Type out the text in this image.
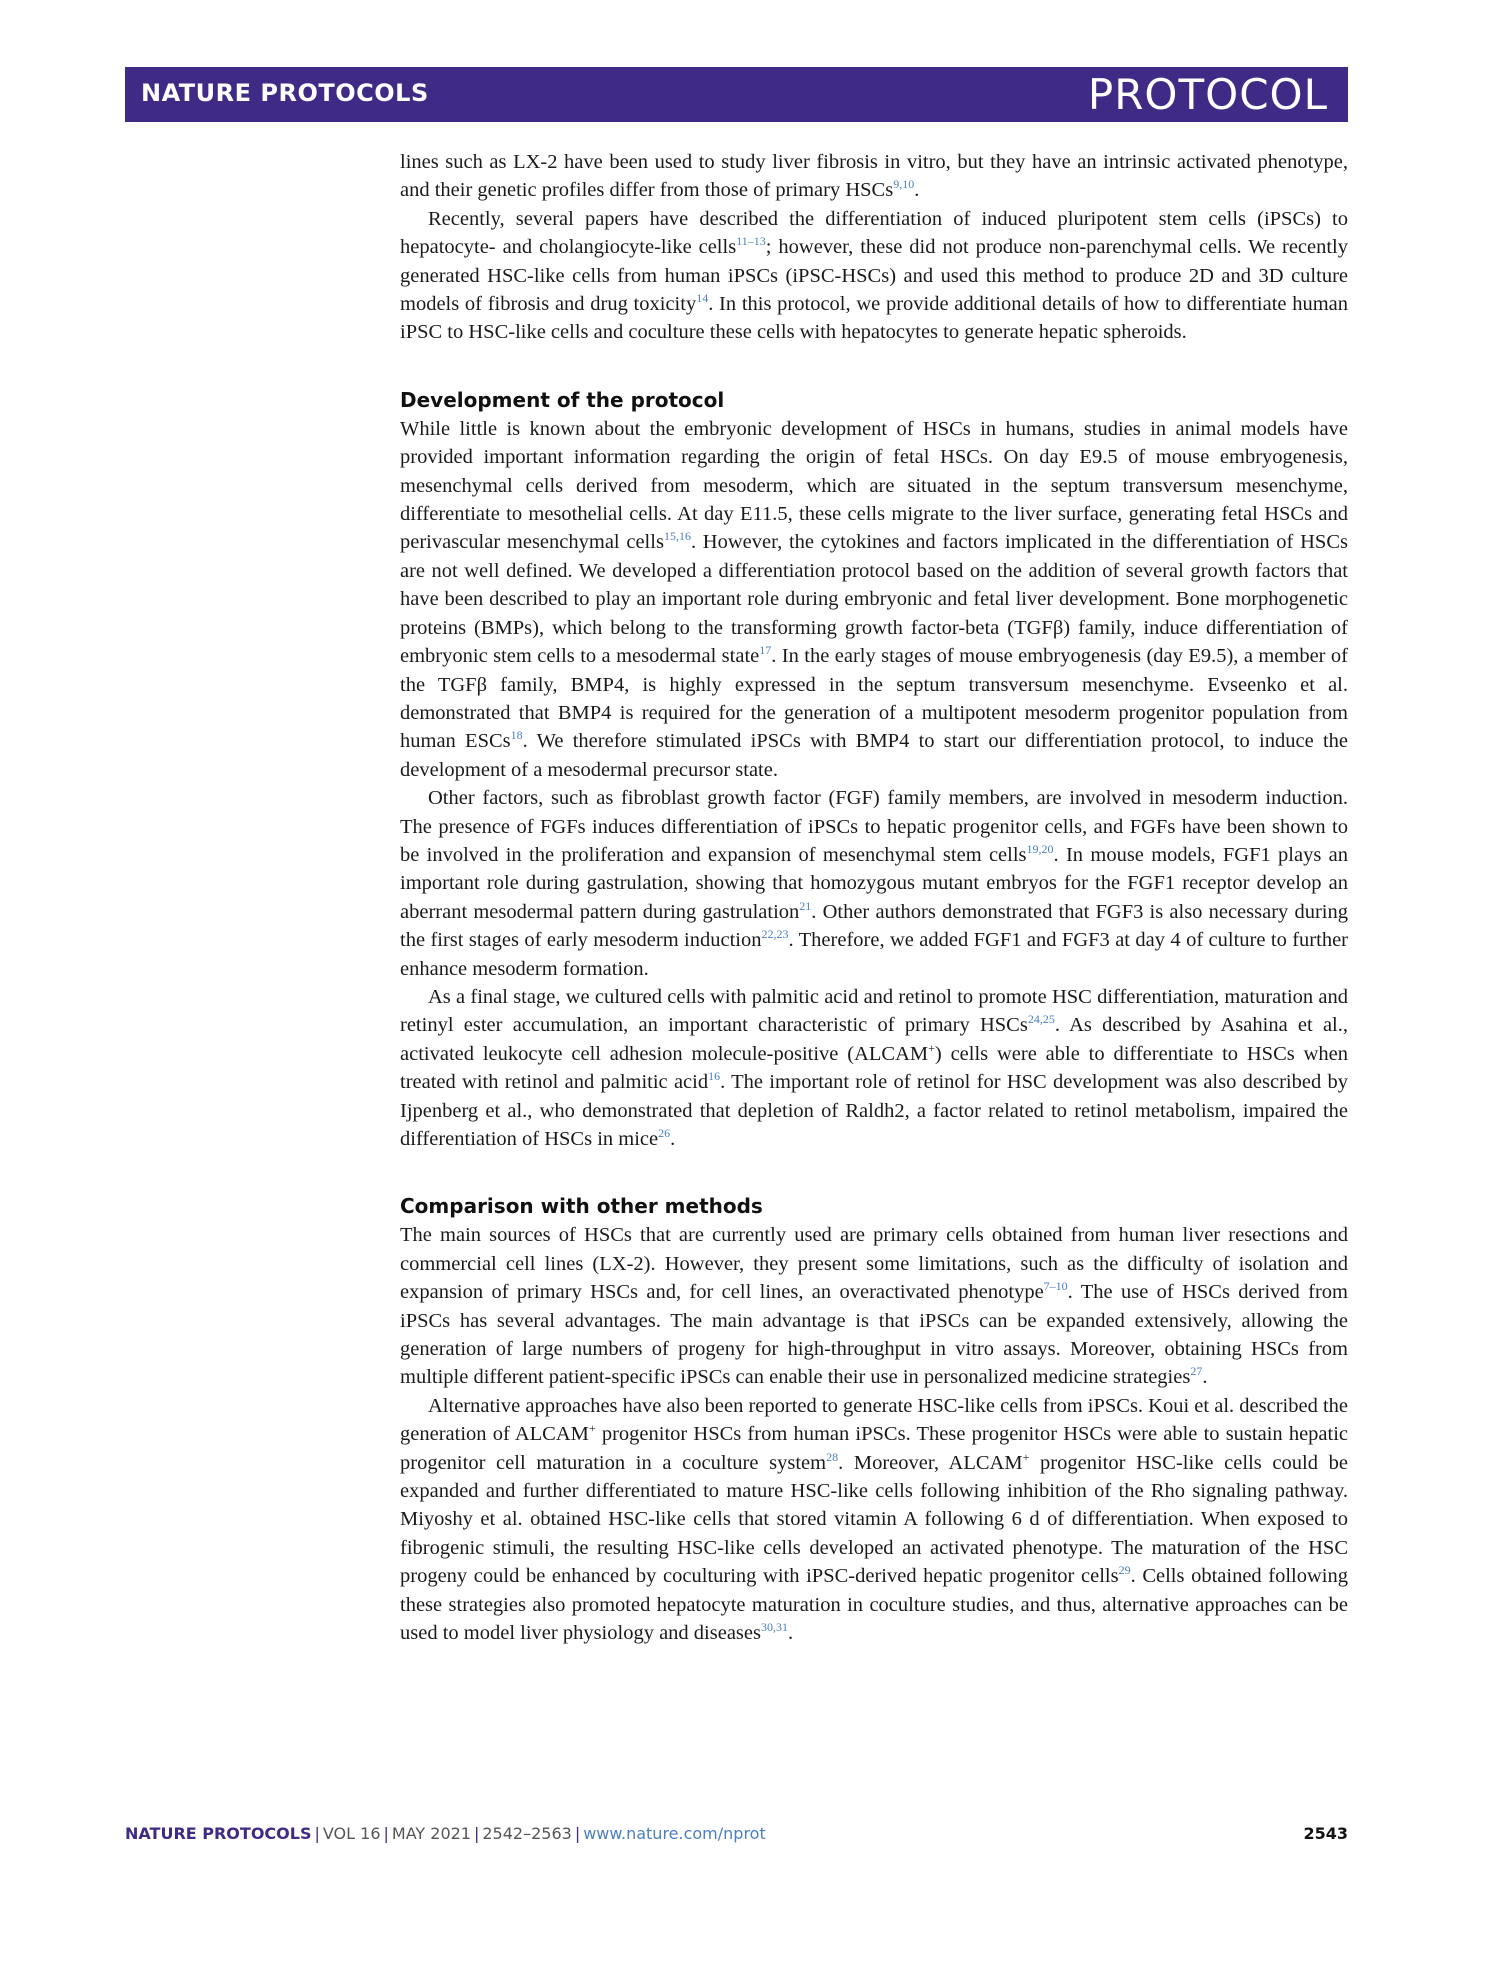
NATURE PROTOCOLS	PROTOCOL

lines such as LX-2 have been used to study liver fibrosis in vitro, but they have an intrinsic activated phenotype, and their genetic profiles differ from those of primary HSCs$^{9,10}$.

Recently, several papers have described the differentiation of induced pluripotent stem cells (iPSCs) to hepatocyte- and cholangiocyte-like cells$^{11-13}$; however, these did not produce non-parenchymal cells. We recently generated HSC-like cells from human iPSCs (iPSC-HSCs) and used this method to produce 2D and 3D culture models of fibrosis and drug toxicity$^{14}$. In this protocol, we provide additional details of how to differentiate human iPSC to HSC-like cells and coculture these cells with hepatocytes to generate hepatic spheroids.

Development of the protocol

While little is known about the embryonic development of HSCs in humans, studies in animal models have provided important information regarding the origin of fetal HSCs. On day E9.5 of mouse embryogenesis, mesenchymal cells derived from mesoderm, which are situated in the septum transversum mesenchyme, differentiate to mesothelial cells. At day E11.5, these cells migrate to the liver surface, generating fetal HSCs and perivascular mesenchymal cells$^{15,16}$. However, the cytokines and factors implicated in the differentiation of HSCs are not well defined. We developed a differentiation protocol based on the addition of several growth factors that have been described to play an important role during embryonic and fetal liver development. Bone morphogenetic proteins (BMPs), which belong to the transforming growth factor-beta (TGFβ) family, induce differentiation of embryonic stem cells to a mesodermal state$^{17}$. In the early stages of mouse embryogenesis (day E9.5), a member of the TGFβ family, BMP4, is highly expressed in the septum transversum mesenchyme. Evseenko et al. demonstrated that BMP4 is required for the generation of a multipotent mesoderm progenitor population from human ESCs$^{18}$. We therefore stimulated iPSCs with BMP4 to start our differentiation protocol, to induce the development of a mesodermal precursor state.

Other factors, such as fibroblast growth factor (FGF) family members, are involved in mesoderm induction. The presence of FGFs induces differentiation of iPSCs to hepatic progenitor cells, and FGFs have been shown to be involved in the proliferation and expansion of mesenchymal stem cells$^{19,20}$. In mouse models, FGF1 plays an important role during gastrulation, showing that homozygous mutant embryos for the FGF1 receptor develop an aberrant mesodermal pattern during gastrulation$^{21}$. Other authors demonstrated that FGF3 is also necessary during the first stages of early mesoderm induction$^{22,23}$. Therefore, we added FGF1 and FGF3 at day 4 of culture to further enhance mesoderm formation.

As a final stage, we cultured cells with palmitic acid and retinol to promote HSC differentiation, maturation and retinyl ester accumulation, an important characteristic of primary HSCs$^{24,25}$. As described by Asahina et al., activated leukocyte cell adhesion molecule-positive (ALCAM+) cells were able to differentiate to HSCs when treated with retinol and palmitic acid$^{16}$. The important role of retinol for HSC development was also described by Ijpenberg et al., who demonstrated that depletion of Raldh2, a factor related to retinol metabolism, impaired the differentiation of HSCs in mice$^{26}$.

Comparison with other methods

The main sources of HSCs that are currently used are primary cells obtained from human liver resections and commercial cell lines (LX-2). However, they present some limitations, such as the difficulty of isolation and expansion of primary HSCs and, for cell lines, an overactivated phenotype$^{7-10}$. The use of HSCs derived from iPSCs has several advantages. The main advantage is that iPSCs can be expanded extensively, allowing the generation of large numbers of progeny for high-throughput in vitro assays. Moreover, obtaining HSCs from multiple different patient-specific iPSCs can enable their use in personalized medicine strategies$^{27}$.

Alternative approaches have also been reported to generate HSC-like cells from iPSCs. Koui et al. described the generation of ALCAM+ progenitor HSCs from human iPSCs. These progenitor HSCs were able to sustain hepatic progenitor cell maturation in a coculture system$^{28}$. Moreover, ALCAM+ progenitor HSC-like cells could be expanded and further differentiated to mature HSC-like cells following inhibition of the Rho signaling pathway. Miyoshy et al. obtained HSC-like cells that stored vitamin A following 6 d of differentiation. When exposed to fibrogenic stimuli, the resulting HSC-like cells developed an activated phenotype. The maturation of the HSC progeny could be enhanced by coculturing with iPSC-derived hepatic progenitor cells$^{29}$. Cells obtained following these strategies also promoted hepatocyte maturation in coculture studies, and thus, alternative approaches can be used to model liver physiology and diseases$^{30,31}$.

NATURE PROTOCOLS | VOL 16 | MAY 2021 | 2542–2563 | www.nature.com/nprot	2543
